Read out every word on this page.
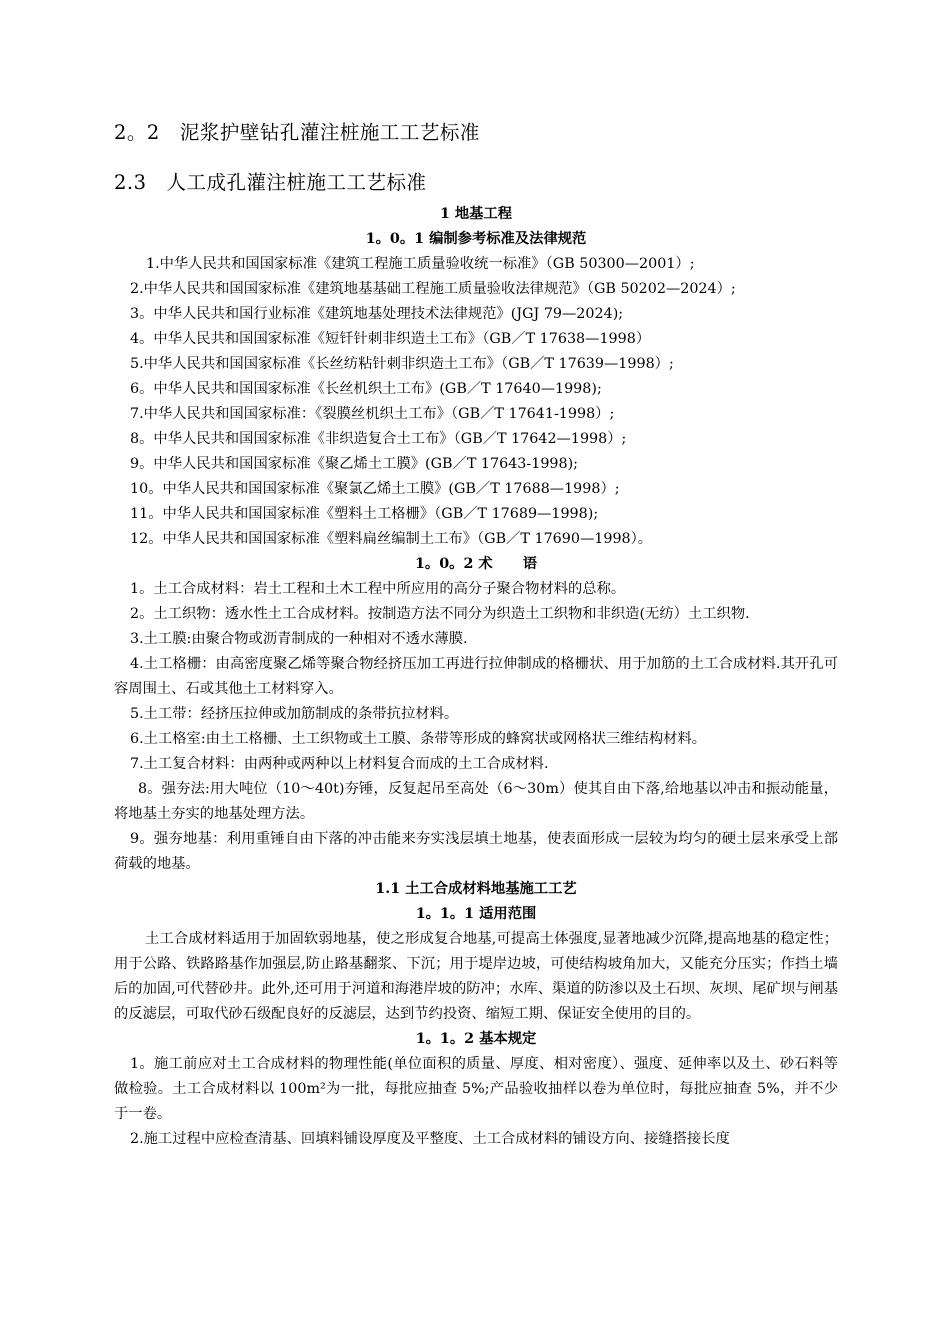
2。2　泥浆护壁钻孔灌注桩施工工艺标准
2.3　人工成孔灌注桩施工工艺标准

1 地基工程

1。0。1 编制参考标准及法律规范

1.中华人民共和国国家标准《建筑工程施工质量验收统一标准》（GB 50300—2001）;

2.中华人民共和国国家标准《建筑地基基础工程施工质量验收法律规范》（GB 50202—2024）;

3。中华人民共和国行业标准《建筑地基处理技术法律规范》(JGJ 79—2024);

4。中华人民共和国国家标准《短钎针刺非织造土工布》（GB／T 17638—1998）

5.中华人民共和国国家标准《长丝纺粘针刺非织造土工布》（GB／T 17639—1998）;

6。中华人民共和国国家标准《长丝机织土工布》(GB／T 17640—1998);

7.中华人民共和国国家标准：《裂膜丝机织土工布》（GB／T 17641-1998）;

8。中华人民共和国国家标准《非织造复合土工布》（GB／T 17642—1998）;

9。中华人民共和国国家标准《聚乙烯土工膜》(GB／T 17643-1998);

10。中华人民共和国国家标准《聚氯乙烯土工膜》(GB／T 17688—1998）;

11。中华人民共和国国家标准《塑料土工格栅》（GB／T 17689—1998);

12。中华人民共和国国家标准《塑料扁丝编制土工布》（GB／T 17690—1998）。

1。0。2 术 语

1。土工合成材料：岩土工程和土木工程中所应用的高分子聚合物材料的总称。

2。土工织物：透水性土工合成材料。按制造方法不同分为织造土工织物和非织造(无纺）土工织物.

3.土工膜:由聚合物或沥青制成的一种相对不透水薄膜.

4.土工格栅：由高密度聚乙烯等聚合物经挤压加工再进行拉伸制成的格栅状、用于加筋的土工合成材料.其开孔可容周围土、石或其他土工材料穿入。

5.土工带：经挤压拉伸或加筋制成的条带抗拉材料。

6.土工格室:由土工格栅、土工织物或土工膜、条带等形成的蜂窝状或网格状三维结构材料。

7.土工复合材料：由两种或两种以上材料复合而成的土工合成材料.

8。强夯法:用大吨位（10～40t)夯锤，反复起吊至高处（6～30m）使其自由下落,给地基以冲击和振动能量，将地基土夯实的地基处理方法。

9。强夯地基：利用重锤自由下落的冲击能来夯实浅层填土地基，使表面形成一层较为均匀的硬土层来承受上部荷载的地基。

1.1 土工合成材料地基施工工艺

1。1。1 适用范围

土工合成材料适用于加固软弱地基，使之形成复合地基,可提高土体强度,显著地减少沉降,提高地基的稳定性；用于公路、铁路路基作加强层,防止路基翻浆、下沉；用于堤岸边坡，可使结构坡角加大，又能充分压实；作挡土墙后的加固,可代替砂井。此外,还可用于河道和海港岸坡的防冲；水库、渠道的防渗以及土石坝、灰坝、尾矿坝与闸基的反滤层，可取代砂石级配良好的反滤层，达到节约投资、缩短工期、保证安全使用的目的。

1。1。2 基本规定

1。施工前应对土工合成材料的物理性能(单位面积的质量、厚度、相对密度）、强度、延伸率以及土、砂石料等做检验。土工合成材料以 100m²为一批，每批应抽查 5%;产品验收抽样以卷为单位时，每批应抽查 5%，并不少于一卷。

2.施工过程中应检查清基、回填料铺设厚度及平整度、土工合成材料的铺设方向、接缝搭接长度
